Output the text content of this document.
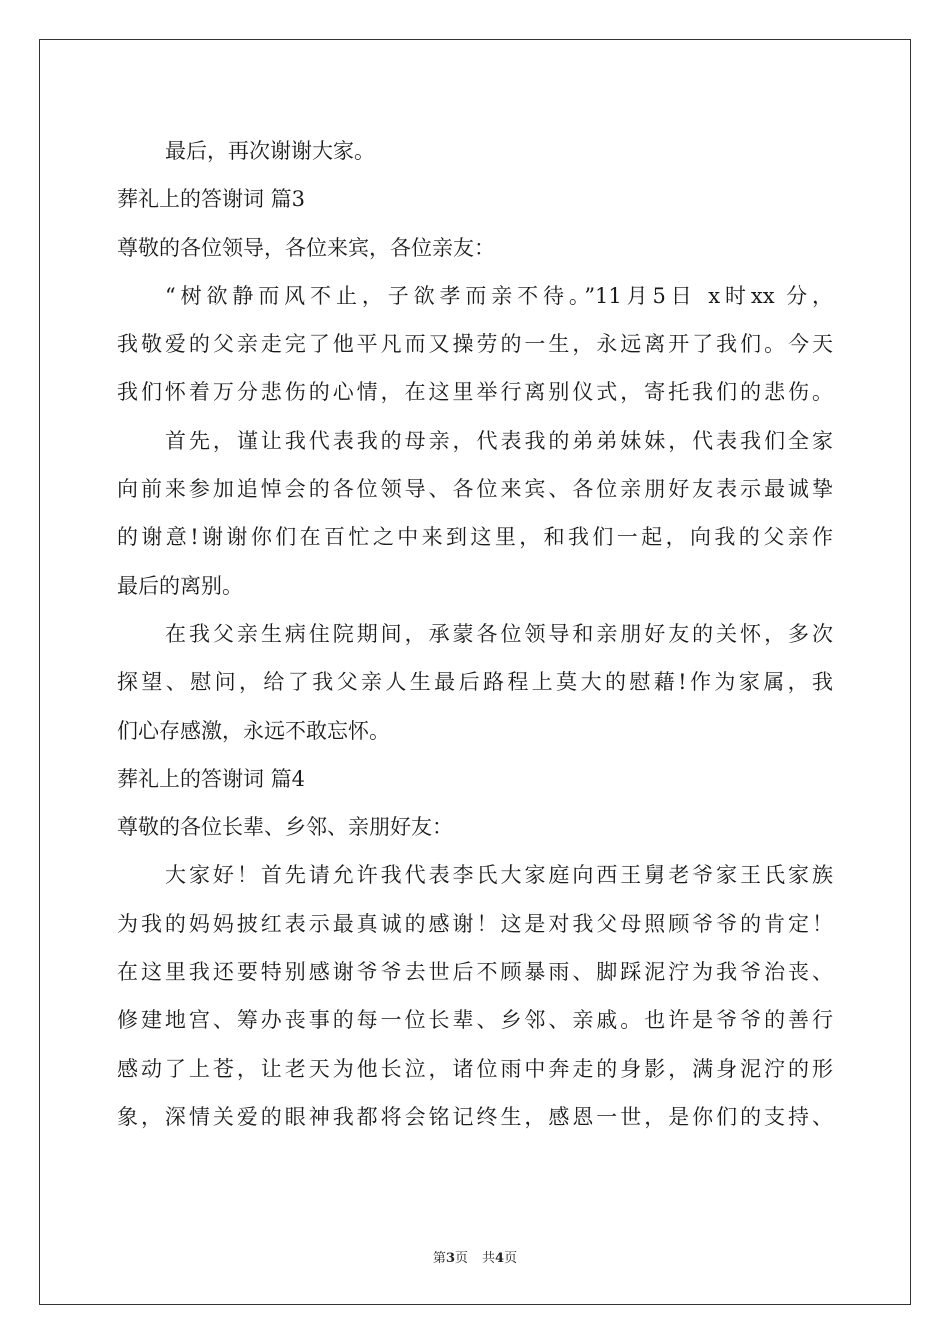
最后，再次谢谢大家。
葬礼上的答谢词 篇3
尊敬的各位领导，各位来宾，各位亲友：
“树欲静而风不止，子欲孝而亲不待。”11月5日 x时xx 分，
我敬爱的父亲走完了他平凡而又操劳的一生，永远离开了我们。今天
我们怀着万分悲伤的心情，在这里举行离别仪式，寄托我们的悲伤。
首先，谨让我代表我的母亲，代表我的弟弟妹妹，代表我们全家
向前来参加追悼会的各位领导、各位来宾、各位亲朋好友表示最诚挚
的谢意!谢谢你们在百忙之中来到这里，和我们一起，向我的父亲作
最后的离别。
在我父亲生病住院期间，承蒙各位领导和亲朋好友的关怀，多次
探望、慰问，给了我父亲人生最后路程上莫大的慰藉!作为家属，我
们心存感激，永远不敢忘怀。
葬礼上的答谢词 篇4
尊敬的各位长辈、乡邻、亲朋好友：
大家好！首先请允许我代表李氏大家庭向西王舅老爷家王氏家族
为我的妈妈披红表示最真诚的感谢！这是对我父母照顾爷爷的肯定！
在这里我还要特别感谢爷爷去世后不顾暴雨、脚踩泥泞为我爷治丧、
修建地宫、筹办丧事的每一位长辈、乡邻、亲戚。也许是爷爷的善行
感动了上苍，让老天为他长泣，诸位雨中奔走的身影，满身泥泞的形
象，深情关爱的眼神我都将会铭记终生，感恩一世，是你们的支持、
第3页 共4页
